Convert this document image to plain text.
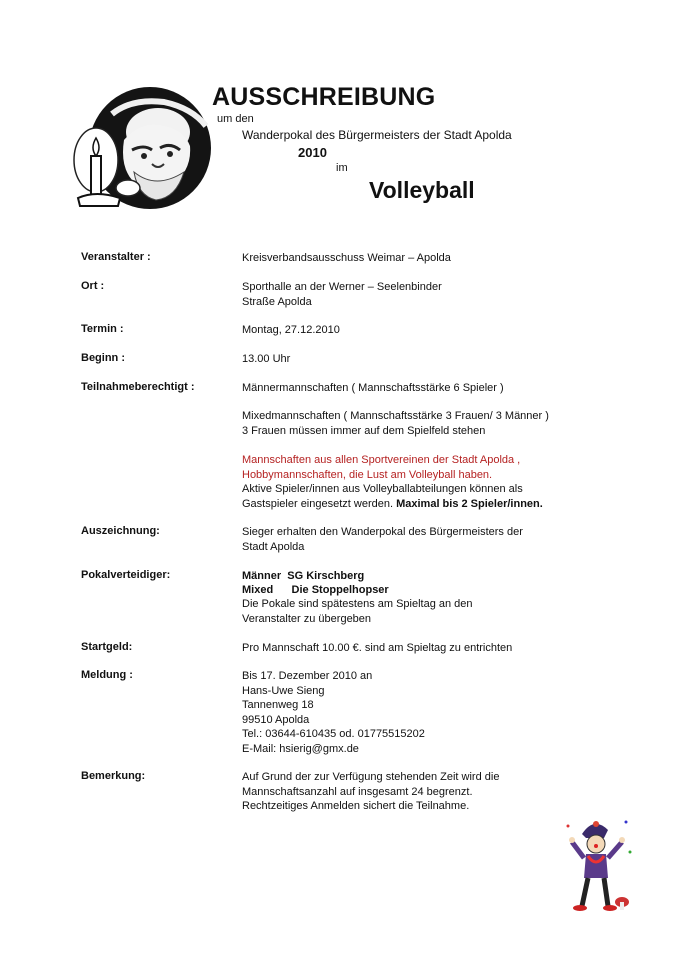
AUSSCHREIBUNG
um den
Wanderpokal des Bürgermeisters der Stadt Apolda
2010
im
Volleyball
Veranstalter :	Kreisverbandsausschuss Weimar – Apolda
Ort :	Sporthalle an der Werner – Seelenbinder
Straße Apolda
Termin :	Montag, 27.12.2010
Beginn :	13.00 Uhr
Teilnahmeberechtigt :	Männermannschaften ( Mannschaftsstärke 6 Spieler )
Mixedmannschaften ( Mannschaftsstärke 3 Frauen/ 3 Männer )
3 Frauen müssen immer auf dem Spielfeld stehen
Mannschaften aus allen Sportvereinen der Stadt Apolda ,
Hobbymannschaften, die Lust am Volleyball haben.
Aktive Spieler/innen aus Volleyballabteilungen können als
Gastspieler eingesetzt werden. Maximal bis 2 Spieler/innen.
Auszeichnung:	Sieger erhalten den Wanderpokal des Bürgermeisters der
Stadt Apolda
Pokalverteidiger:	Männer SG Kirschberg
Mixed Die Stoppelhopser
Die Pokale sind spätestens am Spieltag an den
Veranstalter zu übergeben
Startgeld:	Pro Mannschaft 10.00 €. sind am Spieltag zu entrichten
Meldung :	Bis 17. Dezember 2010 an
Hans-Uwe Sieng
Tannenweg 18
99510 Apolda
Tel.: 03644-610435 od. 01775515202
E-Mail: hsierig@gmx.de
Bemerkung:	Auf Grund der zur Verfügung stehenden Zeit wird die
Mannschaftsanzahl auf insgesamt 24 begrenzt.
Rechtzeitiges Anmelden sichert die Teilnahme.
